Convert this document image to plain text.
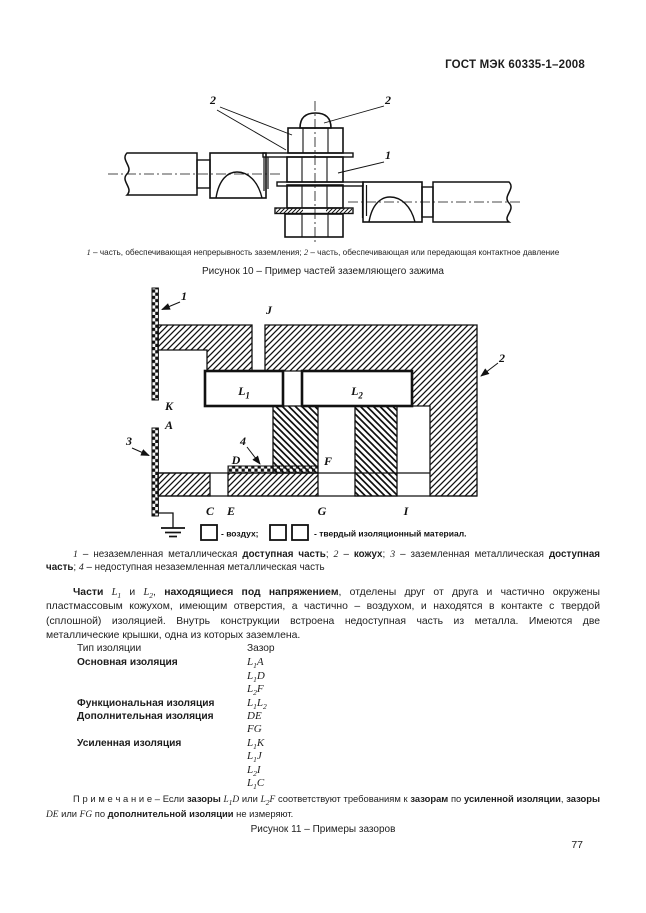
ГОСТ МЭК 60335-1–2008
2	2
1
1 – часть, обеспечивающая непрерывность заземления; 2 – часть, обеспечивающая или передающая контактное давление
Рисунок 10 – Пример частей заземляющего зажима
$L_1$	$L_2$
1
J
2
K
A
3	4
D	F
C E	G	I
- воздух;	- твердый изоляционный материал.
1 – незаземленная металлическая доступная часть; 2 – кожух; 3 – заземленная металлическая доступная часть; 4 – недоступная незаземленная металлическая часть
Части $L_1$ и $L_2$, находящиеся под напряжением, отделены друг от друга и частично окружены пластмассовым кожухом, имеющим отверстия, а частично – воздухом, и находятся в контакте с твердой (сплошной) изоляцией. Внутрь конструкции встроена недоступная часть из металла. Имеются две металлические крышки, одна из которых заземлена.
Тип изоляции	Зазор
Основная изоляция	$L_1A$
$L_1D$
$L_2F$
Функциональная изоляция	$L_1L_2$
Дополнительная изоляция	DE
FG
Усиленная изоляция	$L_1K$
$L_1J$
$L_2I$
$L_1C$
П р и м е ч а н и е – Если зазоры $L_1D$ или $L_2F$ соответствуют требованиям к зазорам по усиленной изоляции, зазоры DE или FG по дополнительной изоляции не измеряют.
Рисунок 11 – Примеры зазоров
77
